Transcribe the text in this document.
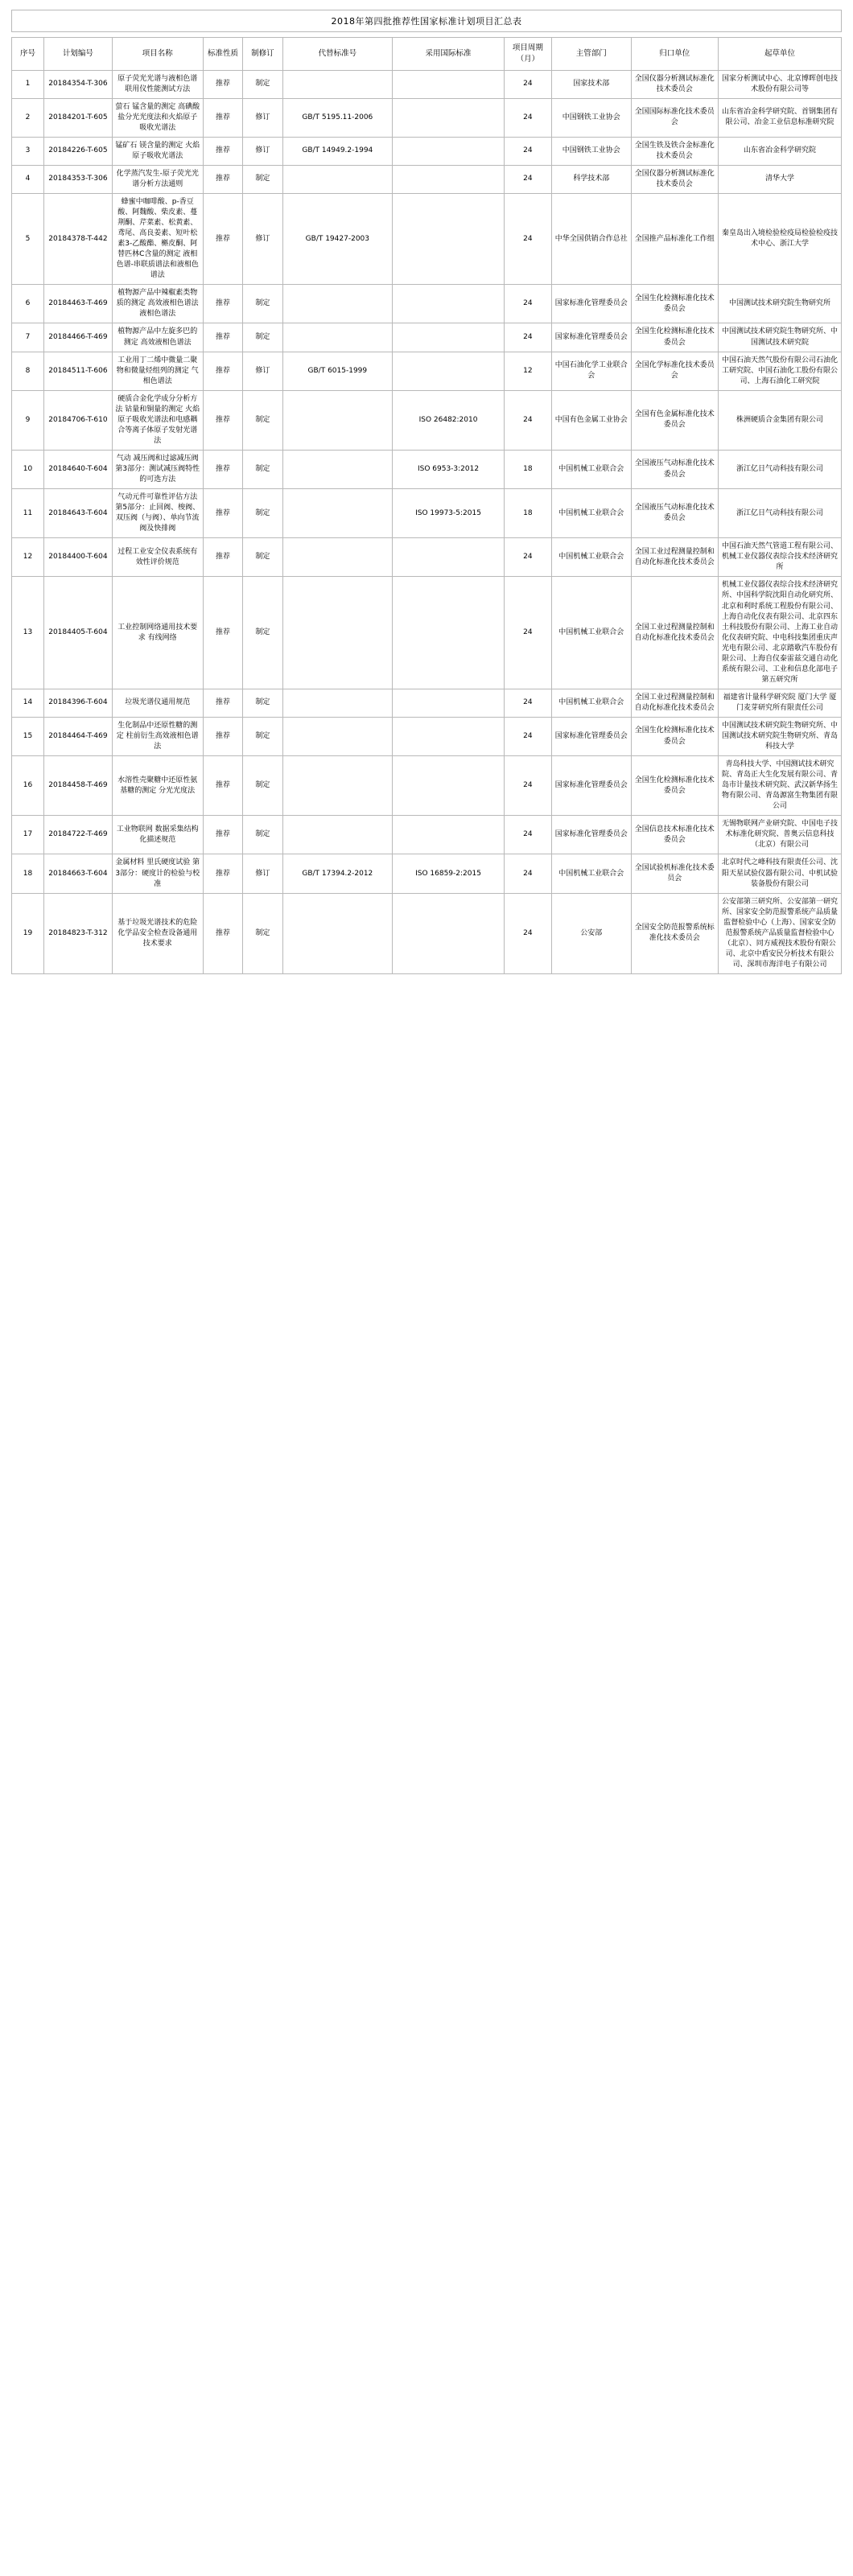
2018年第四批推荐性国家标准计划项目汇总表
序号	计划编号	项目名称	标准性质	制修订	代替标准号	采用国际标准	项目周期（月）	主管部门	归口单位	起草单位
1	20184354-T-306	原子荧光光谱与液相色谱联用仪性能测试方法	推荐	制定			24	国家技术部	全国仪器分析测试标准化技术委员会	国家分析测试中心、北京博晖创电技术股份有限公司等
2	20184201-T-605	萤石 锰含量的测定 高碘酸盐分光光度法和火焰原子吸收光谱法	推荐	修订	GB/T 5195.11-2006		24	中国钢铁工业协会	全国国际标准化技术委员会	山东省冶金科学研究院、首钢集团有限公司、冶金工业信息标准研究院
3	20184226-T-605	锰矿石 镁含量的测定 火焰原子吸收光谱法	推荐	修订	GB/T 14949.2-1994		24	中国钢铁工业协会	全国生铁及铁合金标准化技术委员会	山东省冶金科学研究院
4	20184353-T-306	化学蒸汽发生-原子荧光光谱分析方法通则	推荐	制定			24	科学技术部	全国仪器分析测试标准化技术委员会	清华大学
5	20184378-T-442	蜂蜜中咖啡酸、p-香豆酸、阿魏酸、柴皮素、蔓荆酮、芹菜素、松黄素、鸢尾、高良姜素、短叶松素3-乙酸酯、槲皮酮、阿替匹林C含量的测定 液相色谱-串联质谱法和液相色谱法	推荐	修订	GB/T 19427-2003		24	中华全国供销合作总社	全国推产品标准化工作组	秦皇岛出入境检验检疫局检验检疫技术中心、浙江大学
6	20184463-T-469	植物源产品中辣椒素类物质的测定 高效液相色谱法 液相色谱法	推荐	制定			24	国家标准化管理委员会	全国生化检测标准化技术委员会	中国测试技术研究院生物研究所
7	20184466-T-469	植物源产品中左旋多巴的测定 高效液相色谱法	推荐	制定			24	国家标准化管理委员会	全国生化检测标准化技术委员会	中国测试技术研究院生物研究所、中国测试技术研究院
8	20184511-T-606	工业用丁二烯中微量二聚物和微量烃组列的测定 气相色谱法	推荐	修订	GB/T 6015-1999		12	中国石油化学工业联合会	全国化学标准化技术委员会	中国石油天然气股份有限公司石油化工研究院、中国石油化工股份有限公司、上海石油化工研究院
9	20184706-T-610	硬质合金化学成分分析方法 钴量和铜量的测定 火焰原子吸收光谱法和电感耦合等离子体原子发射光谱法	推荐	制定		ISO 26482:2010	24	中国有色金属工业协会	全国有色金属标准化技术委员会	株洲硬质合金集团有限公司
10	20184640-T-604	气动 减压阀和过滤减压阀 第3部分：测试减压阀特性的可选方法	推荐	制定		ISO 6953-3:2012	18	中国机械工业联合会	全国液压气动标准化技术委员会	浙江亿日气动科技有限公司
11	20184643-T-604	气动元件可靠性评估方法 第5部分：止回阀、梭阀、双压阀（与阀）、单向节流阀及快排阀	推荐	制定		ISO 19973-5:2015	18	中国机械工业联合会	全国液压气动标准化技术委员会	浙江亿日气动科技有限公司
12	20184400-T-604	过程工业安全仪表系统有效性评价规范	推荐	制定			24	中国机械工业联合会	全国工业过程测量控制和自动化标准化技术委员会	中国石油天然气管道工程有限公司、机械工业仪器仪表综合技术经济研究所
13	20184405-T-604	工业控制网络通用技术要求 有线网络	推荐	制定			24	中国机械工业联合会	全国工业过程测量控制和自动化标准化技术委员会	机械工业仪器仪表综合技术经济研究所、中国科学院沈阳自动化研究所、北京和利时系统工程股份有限公司、上海自动化仪表有限公司、北京四东土科技股份有限公司、上海工业自动化仪表研究院、中电科技集团重庆声光电有限公司、北京踏歌汽车股份有限公司、上海自仪泰雷兹交通自动化系统有限公司、工业和信息化部电子第五研究所
14	20184396-T-604	垃圾光谱仪通用规范	推荐	制定			24	中国机械工业联合会	全国工业过程测量控制和自动化标准化技术委员会	福建省计量科学研究院 厦门大学 厦门麦芽研究所有限责任公司
15	20184464-T-469	生化制品中还原性糖的测定 柱前衍生高效液相色谱法	推荐	制定			24	国家标准化管理委员会	全国生化检测标准化技术委员会	中国测试技术研究院生物研究所、中国测试技术研究院生物研究所、青岛科技大学
16	20184458-T-469	水溶性壳聚糖中还原性氨基糖的测定 分光光度法	推荐	制定			24	国家标准化管理委员会	全国生化检测标准化技术委员会	青岛科技大学、中国测试技术研究院、青岛正大生化发展有限公司、青岛市计量技术研究院、武汉新华扬生物有限公司、青岛源富生物集团有限公司
17	20184722-T-469	工业物联网 数据采集结构化描述规范	推荐	制定			24	国家标准化管理委员会	全国信息技术标准化技术委员会	无锡物联网产业研究院、中国电子技术标准化研究院、普奥云信息科技（北京）有限公司
18	20184663-T-604	金属材料 里氏硬度试验 第3部分：硬度计的检验与校准	推荐	修订	GB/T 17394.2-2012	ISO 16859-2:2015	24	中国机械工业联合会	全国试验机标准化技术委员会	北京时代之峰科技有限责任公司、沈阳天星试验仪器有限公司、中机试验装备股份有限公司
19	20184823-T-312	基于垃圾光谱技术的危险化学品安全检查设备通用技术要求	推荐	制定			24	公安部	全国安全防范报警系统标准化技术委员会	公安部第三研究所、公安部第一研究所、国家安全防范报警系统产品质量监督检验中心（上海）、国家安全防范报警系统产品质量监督检验中心（北京）、同方威视技术股份有限公司、北京中盾安民分析技术有限公司、深圳市海洋电子有限公司
